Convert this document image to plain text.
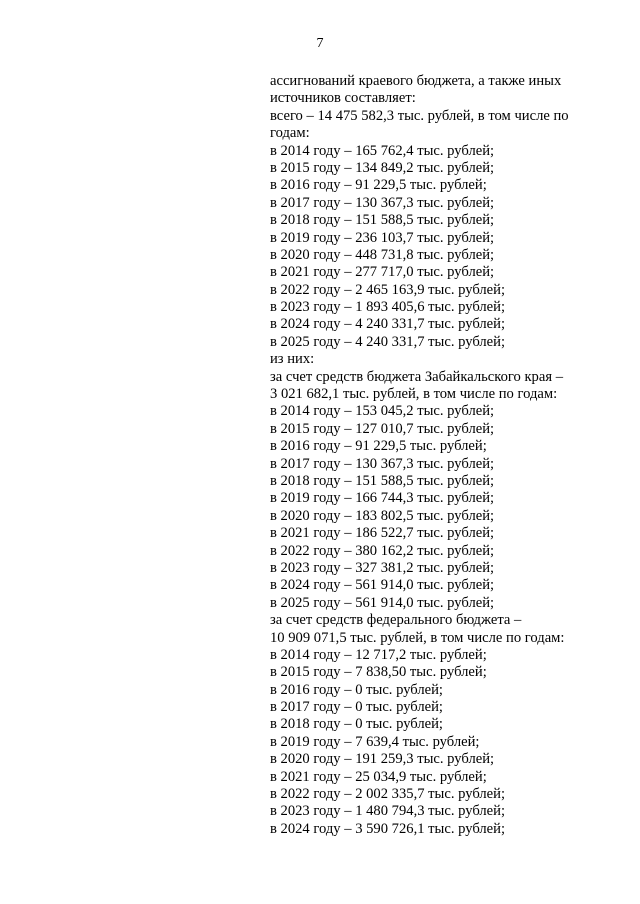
7
ассигнований краевого бюджета, а также иных
источников составляет:
всего – 14 475 582,3 тыс. рублей, в том числе по
годам:
в 2014 году – 165 762,4 тыс. рублей;
в 2015 году – 134 849,2 тыс. рублей;
в 2016 году – 91 229,5 тыс. рублей;
в 2017 году – 130 367,3 тыс. рублей;
в 2018 году – 151 588,5 тыс. рублей;
в 2019 году – 236 103,7 тыс. рублей;
в 2020 году – 448 731,8 тыс. рублей;
в 2021 году – 277 717,0 тыс. рублей;
в 2022 году – 2 465 163,9 тыс. рублей;
в 2023 году – 1 893 405,6 тыс. рублей;
в 2024 году – 4 240 331,7 тыс. рублей;
в 2025 году – 4 240 331,7 тыс. рублей;
из них:
за счет средств бюджета Забайкальского края –
3 021 682,1 тыс. рублей, в том числе по годам:
в 2014 году – 153 045,2 тыс. рублей;
в 2015 году – 127 010,7 тыс. рублей;
в 2016 году – 91 229,5 тыс. рублей;
в 2017 году – 130 367,3 тыс. рублей;
в 2018 году – 151 588,5 тыс. рублей;
в 2019 году – 166 744,3 тыс. рублей;
в 2020 году – 183 802,5 тыс. рублей;
в 2021 году – 186 522,7 тыс. рублей;
в 2022 году – 380 162,2 тыс. рублей;
в 2023 году – 327 381,2 тыс. рублей;
в 2024 году – 561 914,0 тыс. рублей;
в 2025 году – 561 914,0 тыс. рублей;
за счет средств федерального бюджета –
10 909 071,5 тыс. рублей, в том числе по годам:
в 2014 году – 12 717,2 тыс. рублей;
в 2015 году – 7 838,50 тыс. рублей;
в 2016 году – 0 тыс. рублей;
в 2017 году – 0 тыс. рублей;
в 2018 году – 0 тыс. рублей;
в 2019 году – 7 639,4 тыс. рублей;
в 2020 году – 191 259,3 тыс. рублей;
в 2021 году – 25 034,9 тыс. рублей;
в 2022 году – 2 002 335,7 тыс. рублей;
в 2023 году – 1 480 794,3 тыс. рублей;
в 2024 году – 3 590 726,1 тыс. рублей;
